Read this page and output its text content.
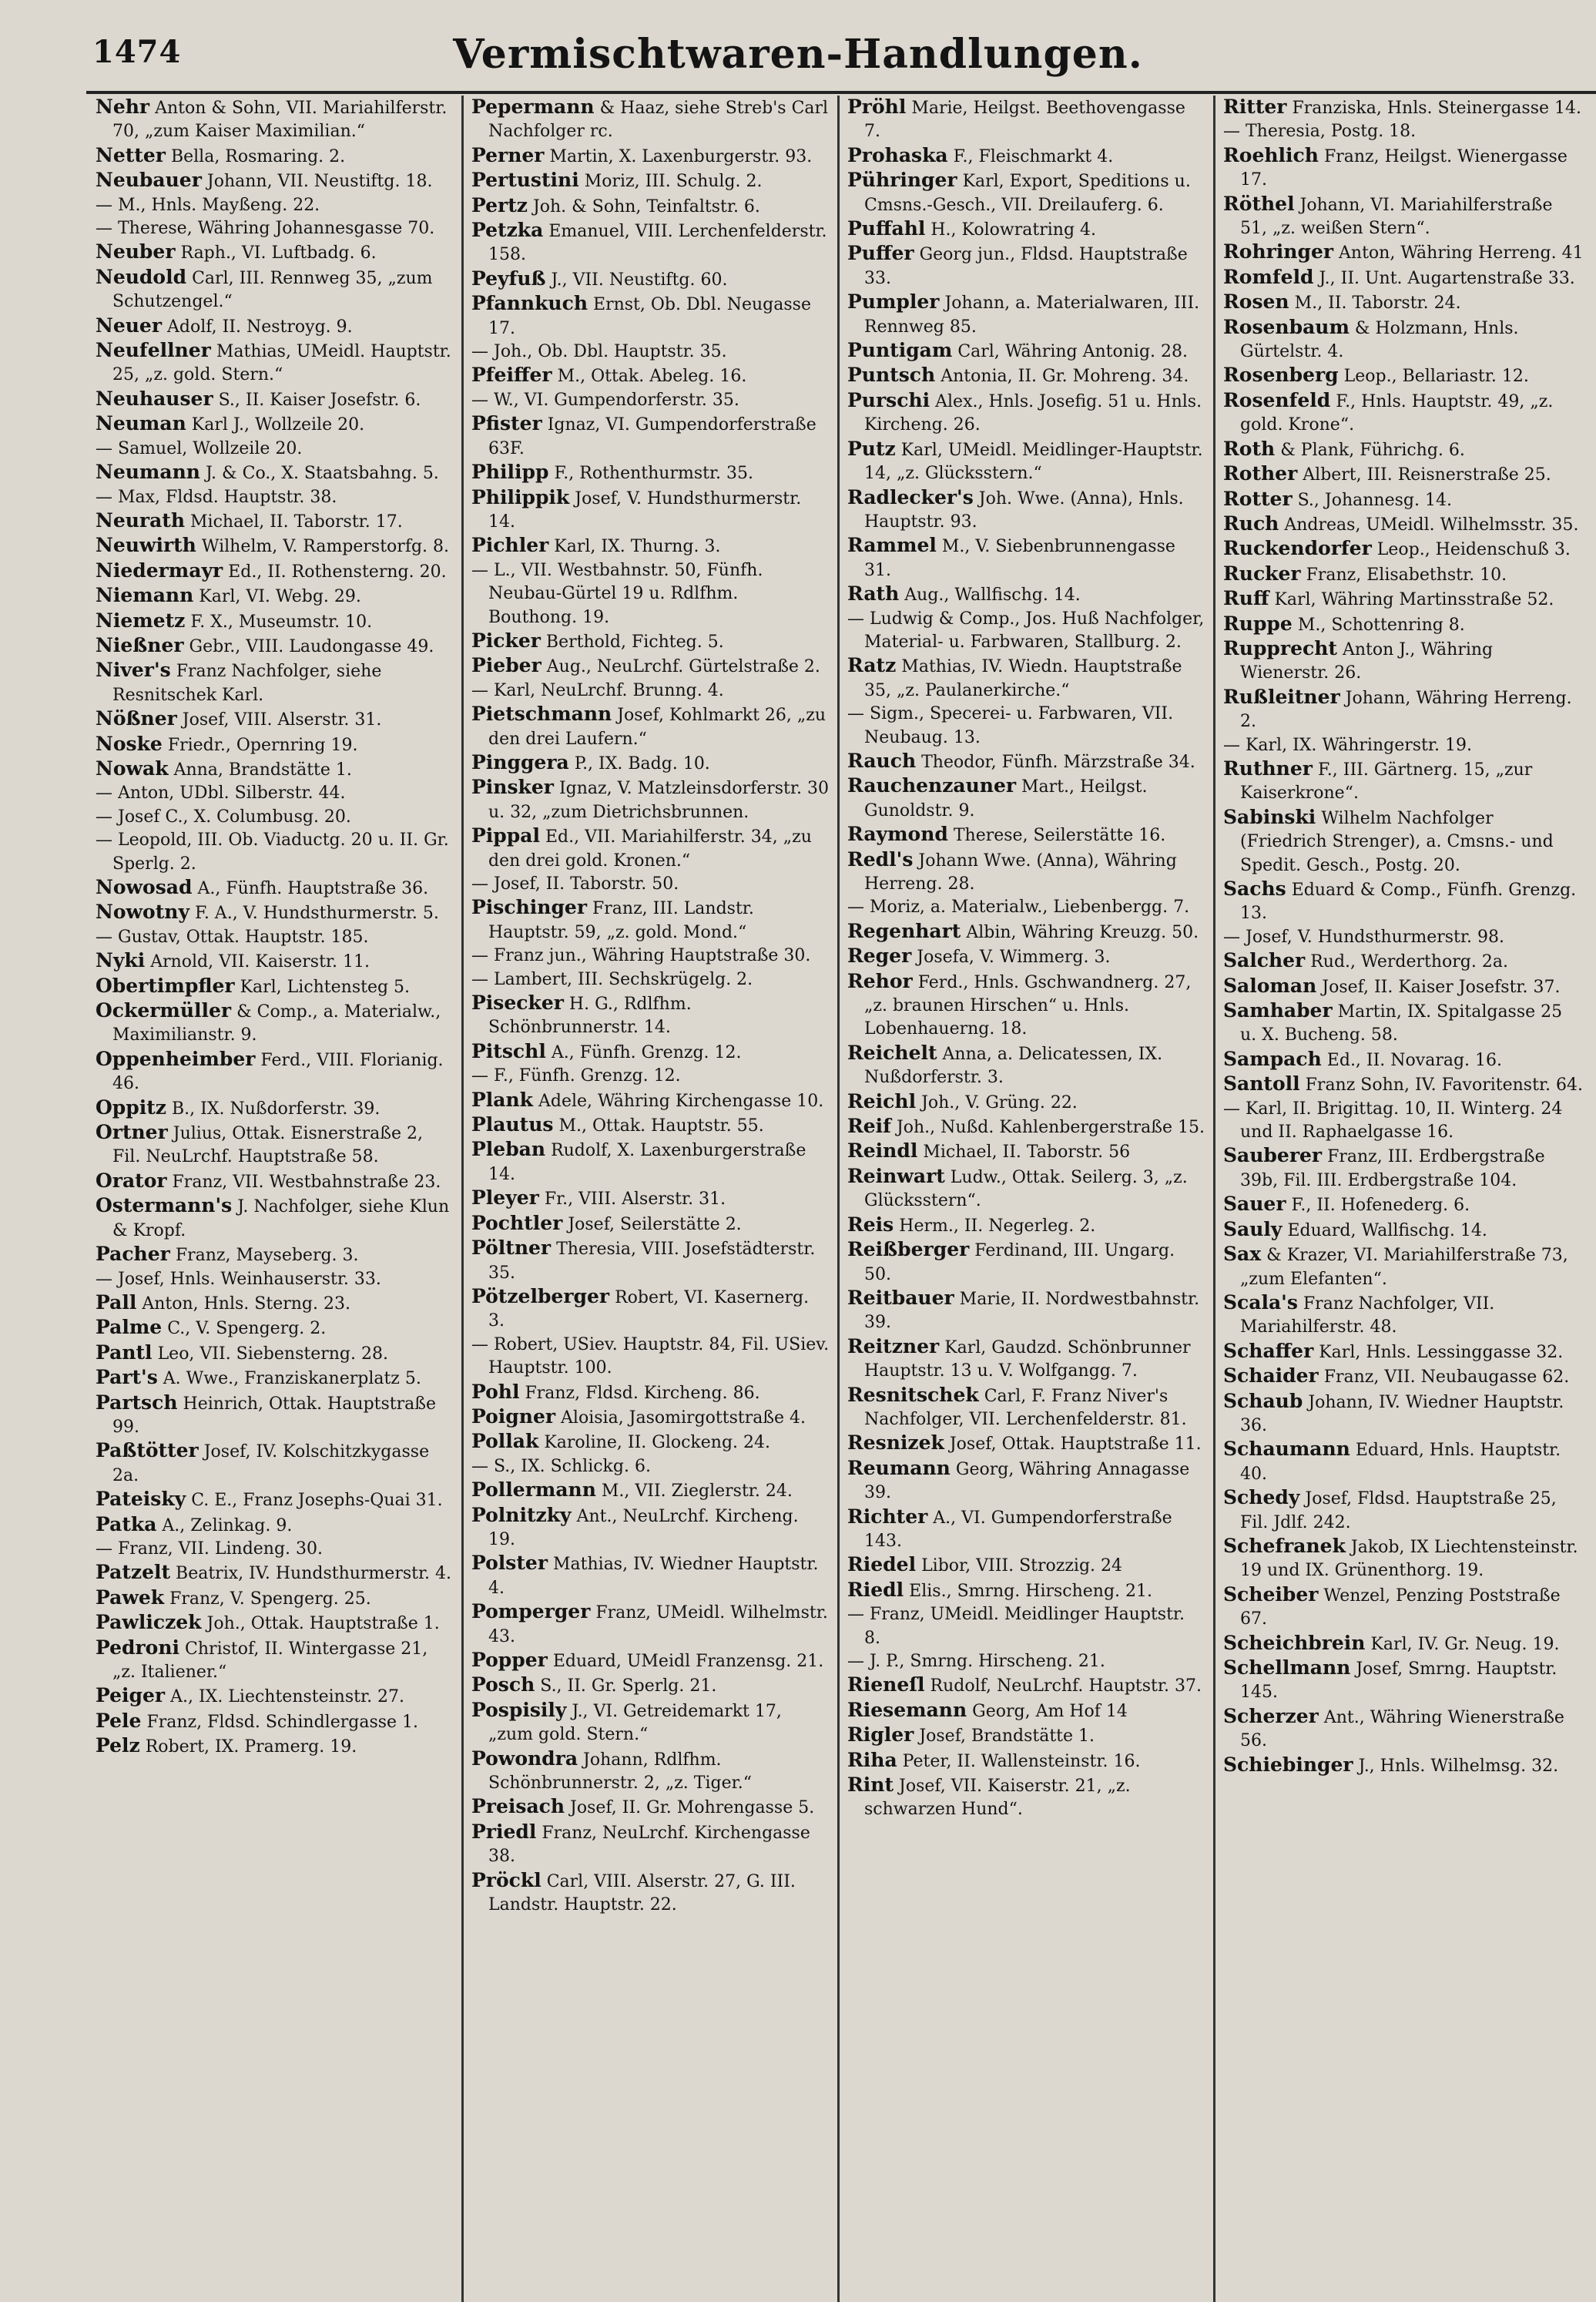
1474	Vermischtwaren-Handlungen.

Nehr Anton & Sohn, VII. Mariahilferstr. 70, „zum Kaiser Maximilian.“

Netter Bella, Rosmaring. 2.

Neubauer Johann, VII. Neustiftg. 18.

— M., Hnls. Mayßeng. 22.

— Therese, Währing Johannesgasse 70.

Neuber Raph., VI. Luftbadg. 6.

Neudold Carl, III. Rennweg 35, „zum Schutzengel.“

Neuer Adolf, II. Nestroyg. 9.

Neufellner Mathias, UMeidl. Hauptstr. 25, „z. gold. Stern.“

Neuhauser S., II. Kaiser Josefstr. 6.

Neuman Karl J., Wollzeile 20.

— Samuel, Wollzeile 20.

Neumann J. & Co., X. Staatsbahng. 5.

— Max, Fldsd. Hauptstr. 38.

Neurath Michael, II. Taborstr. 17.

Neuwirth Wilhelm, V. Ramperstorfg. 8.

Niedermayr Ed., II. Rothensterng. 20.

Niemann Karl, VI. Webg. 29.

Niemetz F. X., Museumstr. 10.

Nießner Gebr., VIII. Laudongasse 49.

Niver's Franz Nachfolger, siehe Resnitschek Karl.

Nößner Josef, VIII. Alserstr. 31.

Noske Friedr., Opernring 19.

Nowak Anna, Brandstätte 1.

— Anton, UDbl. Silberstr. 44.

— Josef C., X. Columbusg. 20.

— Leopold, III. Ob. Viaductg. 20 u. II. Gr. Sperlg. 2.

Nowosad A., Fünfh. Hauptstraße 36.

Nowotny F. A., V. Hundsthurmerstr. 5.

— Gustav, Ottak. Hauptstr. 185.

Nyki Arnold, VII. Kaiserstr. 11.

Obertimpfler Karl, Lichtensteg 5.

Ockermüller & Comp., a. Materialw., Maximilianstr. 9.

Oppenheimber Ferd., VIII. Florianig. 46.

Oppitz B., IX. Nußdorferstr. 39.

Ortner Julius, Ottak. Eisnerstraße 2, Fil. NeuLrchf. Hauptstraße 58.

Orator Franz, VII. Westbahnstraße 23.

Ostermann's J. Nachfolger, siehe Klun & Kropf.

Pacher Franz, Mayseberg. 3.

— Josef, Hnls. Weinhauserstr. 33.

Pall Anton, Hnls. Sterng. 23.

Palme C., V. Spengerg. 2.

Pantl Leo, VII. Siebensterng. 28.

Part's A. Wwe., Franziskanerplatz 5.

Partsch Heinrich, Ottak. Hauptstraße 99.

Paßtötter Josef, IV. Kolschitzkygasse 2a.

Pateisky C. E., Franz Josephs-Quai 31.

Patka A., Zelinkag. 9.

— Franz, VII. Lindeng. 30.

Patzelt Beatrix, IV. Hundsthurmerstr. 4.

Pawek Franz, V. Spengerg. 25.

Pawliczek Joh., Ottak. Hauptstraße 1.

Pedroni Christof, II. Wintergasse 21, „z. Italiener.“

Peiger A., IX. Liechtensteinstr. 27.

Pele Franz, Fldsd. Schindlergasse 1.

Pelz Robert, IX. Pramerg. 19.

Pepermann & Haaz, siehe Streb's Carl Nachfolger rc.

Perner Martin, X. Laxenburgerstr. 93.

Pertustini Moriz, III. Schulg. 2.

Pertz Joh. & Sohn, Teinfaltstr. 6.

Petzka Emanuel, VIII. Lerchenfelderstr. 158.

Peyfuß J., VII. Neustiftg. 60.

Pfannkuch Ernst, Ob. Dbl. Neugasse 17.

— Joh., Ob. Dbl. Hauptstr. 35.

Pfeiffer M., Ottak. Abeleg. 16.

— W., VI. Gumpendorferstr. 35.

Pfister Ignaz, VI. Gumpendorferstraße 63F.

Philipp F., Rothenthurmstr. 35.

Philippik Josef, V. Hundsthurmerstr. 14.

Pichler Karl, IX. Thurng. 3.

— L., VII. Westbahnstr. 50, Fünfh. Neubau-Gürtel 19 u. Rdlfhm. Bouthong. 19.

Picker Berthold, Fichteg. 5.

Pieber Aug., NeuLrchf. Gürtelstraße 2.

— Karl, NeuLrchf. Brunng. 4.

Pietschmann Josef, Kohlmarkt 26, „zu den drei Laufern.“

Pinggera P., IX. Badg. 10.

Pinsker Ignaz, V. Matzleinsdorferstr. 30 u. 32, „zum Dietrichsbrunnen.

Pippal Ed., VII. Mariahilferstr. 34, „zu den drei gold. Kronen.“

— Josef, II. Taborstr. 50.

Pischinger Franz, III. Landstr. Hauptstr. 59, „z. gold. Mond.“

— Franz jun., Währing Hauptstraße 30.

— Lambert, III. Sechskrügelg. 2.

Pisecker H. G., Rdlfhm. Schönbrunnerstr. 14.

Pitschl A., Fünfh. Grenzg. 12.

— F., Fünfh. Grenzg. 12.

Plank Adele, Währing Kirchengasse 10.

Plautus M., Ottak. Hauptstr. 55.

Pleban Rudolf, X. Laxenburgerstraße 14.

Pleyer Fr., VIII. Alserstr. 31.

Pochtler Josef, Seilerstätte 2.

Pöltner Theresia, VIII. Josefstädterstr. 35.

Pötzelberger Robert, VI. Kasernerg. 3.

— Robert, USiev. Hauptstr. 84, Fil. USiev. Hauptstr. 100.

Pohl Franz, Fldsd. Kircheng. 86.

Poigner Aloisia, Jasomirgottstraße 4.

Pollak Karoline, II. Glockeng. 24.

— S., IX. Schlickg. 6.

Pollermann M., VII. Zieglerstr. 24.

Polnitzky Ant., NeuLrchf. Kircheng. 19.

Polster Mathias, IV. Wiedner Hauptstr. 4.

Pomperger Franz, UMeidl. Wilhelmstr. 43.

Popper Eduard, UMeidl Franzensg. 21.

Posch S., II. Gr. Sperlg. 21.

Pospisily J., VI. Getreidemarkt 17, „zum gold. Stern.“

Powondra Johann, Rdlfhm. Schönbrunnerstr. 2, „z. Tiger.“

Preisach Josef, II. Gr. Mohrengasse 5.

Priedl Franz, NeuLrchf. Kirchengasse 38.

Pröckl Carl, VIII. Alserstr. 27, G. III. Landstr. Hauptstr. 22.

Pröhl Marie, Heilgst. Beethovengasse 7.

Prohaska F., Fleischmarkt 4.

Pühringer Karl, Export, Speditions u. Cmsns.-Gesch., VII. Dreilauferg. 6.

Puffahl H., Kolowratring 4.

Puffer Georg jun., Fldsd. Hauptstraße 33.

Pumpler Johann, a. Materialwaren, III. Rennweg 85.

Puntigam Carl, Währing Antonig. 28.

Puntsch Antonia, II. Gr. Mohreng. 34.

Purschi Alex., Hnls. Josefig. 51 u. Hnls. Kircheng. 26.

Putz Karl, UMeidl. Meidlinger-Hauptstr. 14, „z. Glücksstern.“

Radlecker's Joh. Wwe. (Anna), Hnls. Hauptstr. 93.

Rammel M., V. Siebenbrunnengasse 31.

Rath Aug., Wallfischg. 14.

— Ludwig & Comp., Jos. Huß Nachfolger, Material- u. Farbwaren, Stallburg. 2.

Ratz Mathias, IV. Wiedn. Hauptstraße 35, „z. Paulanerkirche.“

— Sigm., Specerei- u. Farbwaren, VII. Neubaug. 13.

Rauch Theodor, Fünfh. Märzstraße 34.

Rauchenzauner Mart., Heilgst. Gunoldstr. 9.

Raymond Therese, Seilerstätte 16.

Redl's Johann Wwe. (Anna), Währing Herreng. 28.

— Moriz, a. Materialw., Liebenbergg. 7.

Regenhart Albin, Währing Kreuzg. 50.

Reger Josefa, V. Wimmerg. 3.

Rehor Ferd., Hnls. Gschwandnerg. 27, „z. braunen Hirschen“ u. Hnls. Lobenhauerng. 18.

Reichelt Anna, a. Delicatessen, IX. Nußdorferstr. 3.

Reichl Joh., V. Grüng. 22.

Reif Joh., Nußd. Kahlenbergerstraße 15.

Reindl Michael, II. Taborstr. 56

Reinwart Ludw., Ottak. Seilerg. 3, „z. Glücksstern“.

Reis Herm., II. Negerleg. 2.

Reißberger Ferdinand, III. Ungarg. 50.

Reitbauer Marie, II. Nordwestbahnstr. 39.

Reitzner Karl, Gaudzd. Schönbrunner Hauptstr. 13 u. V. Wolfgangg. 7.

Resnitschek Carl, F. Franz Niver's Nachfolger, VII. Lerchenfelderstr. 81.

Resnizek Josef, Ottak. Hauptstraße 11.

Reumann Georg, Währing Annagasse 39.

Richter A., VI. Gumpendorferstraße 143.

Riedel Libor, VIII. Strozzig. 24

Riedl Elis., Smrng. Hirscheng. 21.

— Franz, UMeidl. Meidlinger Hauptstr. 8.

— J. P., Smrng. Hirscheng. 21.

Rieneſl Rudolf, NeuLrchf. Hauptstr. 37.

Riesemann Georg, Am Hof 14

Rigler Josef, Brandstätte 1.

Riha Peter, II. Wallensteinstr. 16.

Rint Josef, VII. Kaiserstr. 21, „z. schwarzen Hund“.

Ritter Franziska, Hnls. Steinergasse 14.

— Theresia, Postg. 18.

Roehlich Franz, Heilgst. Wienergasse 17.

Röthel Johann, VI. Mariahilferstraße 51, „z. weißen Stern“.

Rohringer Anton, Währing Herreng. 41

Romfeld J., II. Unt. Augartenstraße 33.

Rosen M., II. Taborstr. 24.

Rosenbaum & Holzmann, Hnls. Gürtelstr. 4.

Rosenberg Leop., Bellariastr. 12.

Rosenfeld F., Hnls. Hauptstr. 49, „z. gold. Krone“.

Roth & Plank, Führichg. 6.

Rother Albert, III. Reisnerstraße 25.

Rotter S., Johannesg. 14.

Ruch Andreas, UMeidl. Wilhelmsstr. 35.

Ruckendorfer Leop., Heidenschuß 3.

Rucker Franz, Elisabethstr. 10.

Ruff Karl, Währing Martinsstraße 52.

Ruppe M., Schottenring 8.

Rupprecht Anton J., Währing Wienerstr. 26.

Rußleitner Johann, Währing Herreng. 2.

— Karl, IX. Währingerstr. 19.

Ruthner F., III. Gärtnerg. 15, „zur Kaiserkrone“.

Sabinski Wilhelm Nachfolger (Friedrich Strenger), a. Cmsns.- und Spedit. Gesch., Postg. 20.

Sachs Eduard & Comp., Fünfh. Grenzg. 13.

— Josef, V. Hundsthurmerstr. 98.

Salcher Rud., Werderthorg. 2a.

Saloman Josef, II. Kaiser Josefstr. 37.

Samhaber Martin, IX. Spitalgasse 25 u. X. Bucheng. 58.

Sampach Ed., II. Novarag. 16.

Santoll Franz Sohn, IV. Favoritenstr. 64.

— Karl, II. Brigittag. 10, II. Winterg. 24 und II. Raphaelgasse 16.

Sauberer Franz, III. Erdbergstraße 39b, Fil. III. Erdbergstraße 104.

Sauer F., II. Hofenederg. 6.

Sauly Eduard, Wallfischg. 14.

Sax & Krazer, VI. Mariahilferstraße 73, „zum Elefanten“.

Scala's Franz Nachfolger, VII. Mariahilferstr. 48.

Schaffer Karl, Hnls. Lessinggasse 32.

Schaider Franz, VII. Neubaugasse 62.

Schaub Johann, IV. Wiedner Hauptstr. 36.

Schaumann Eduard, Hnls. Hauptstr. 40.

Schedy Josef, Fldsd. Hauptstraße 25, Fil. Jdlf. 242.

Schefranek Jakob, IX Liechtensteinstr. 19 und IX. Grünenthorg. 19.

Scheiber Wenzel, Penzing Poststraße 67.

Scheichbrein Karl, IV. Gr. Neug. 19.

Schellmann Josef, Smrng. Hauptstr. 145.

Scherzer Ant., Währing Wienerstraße 56.

Schiebinger J., Hnls. Wilhelmsg. 32.
